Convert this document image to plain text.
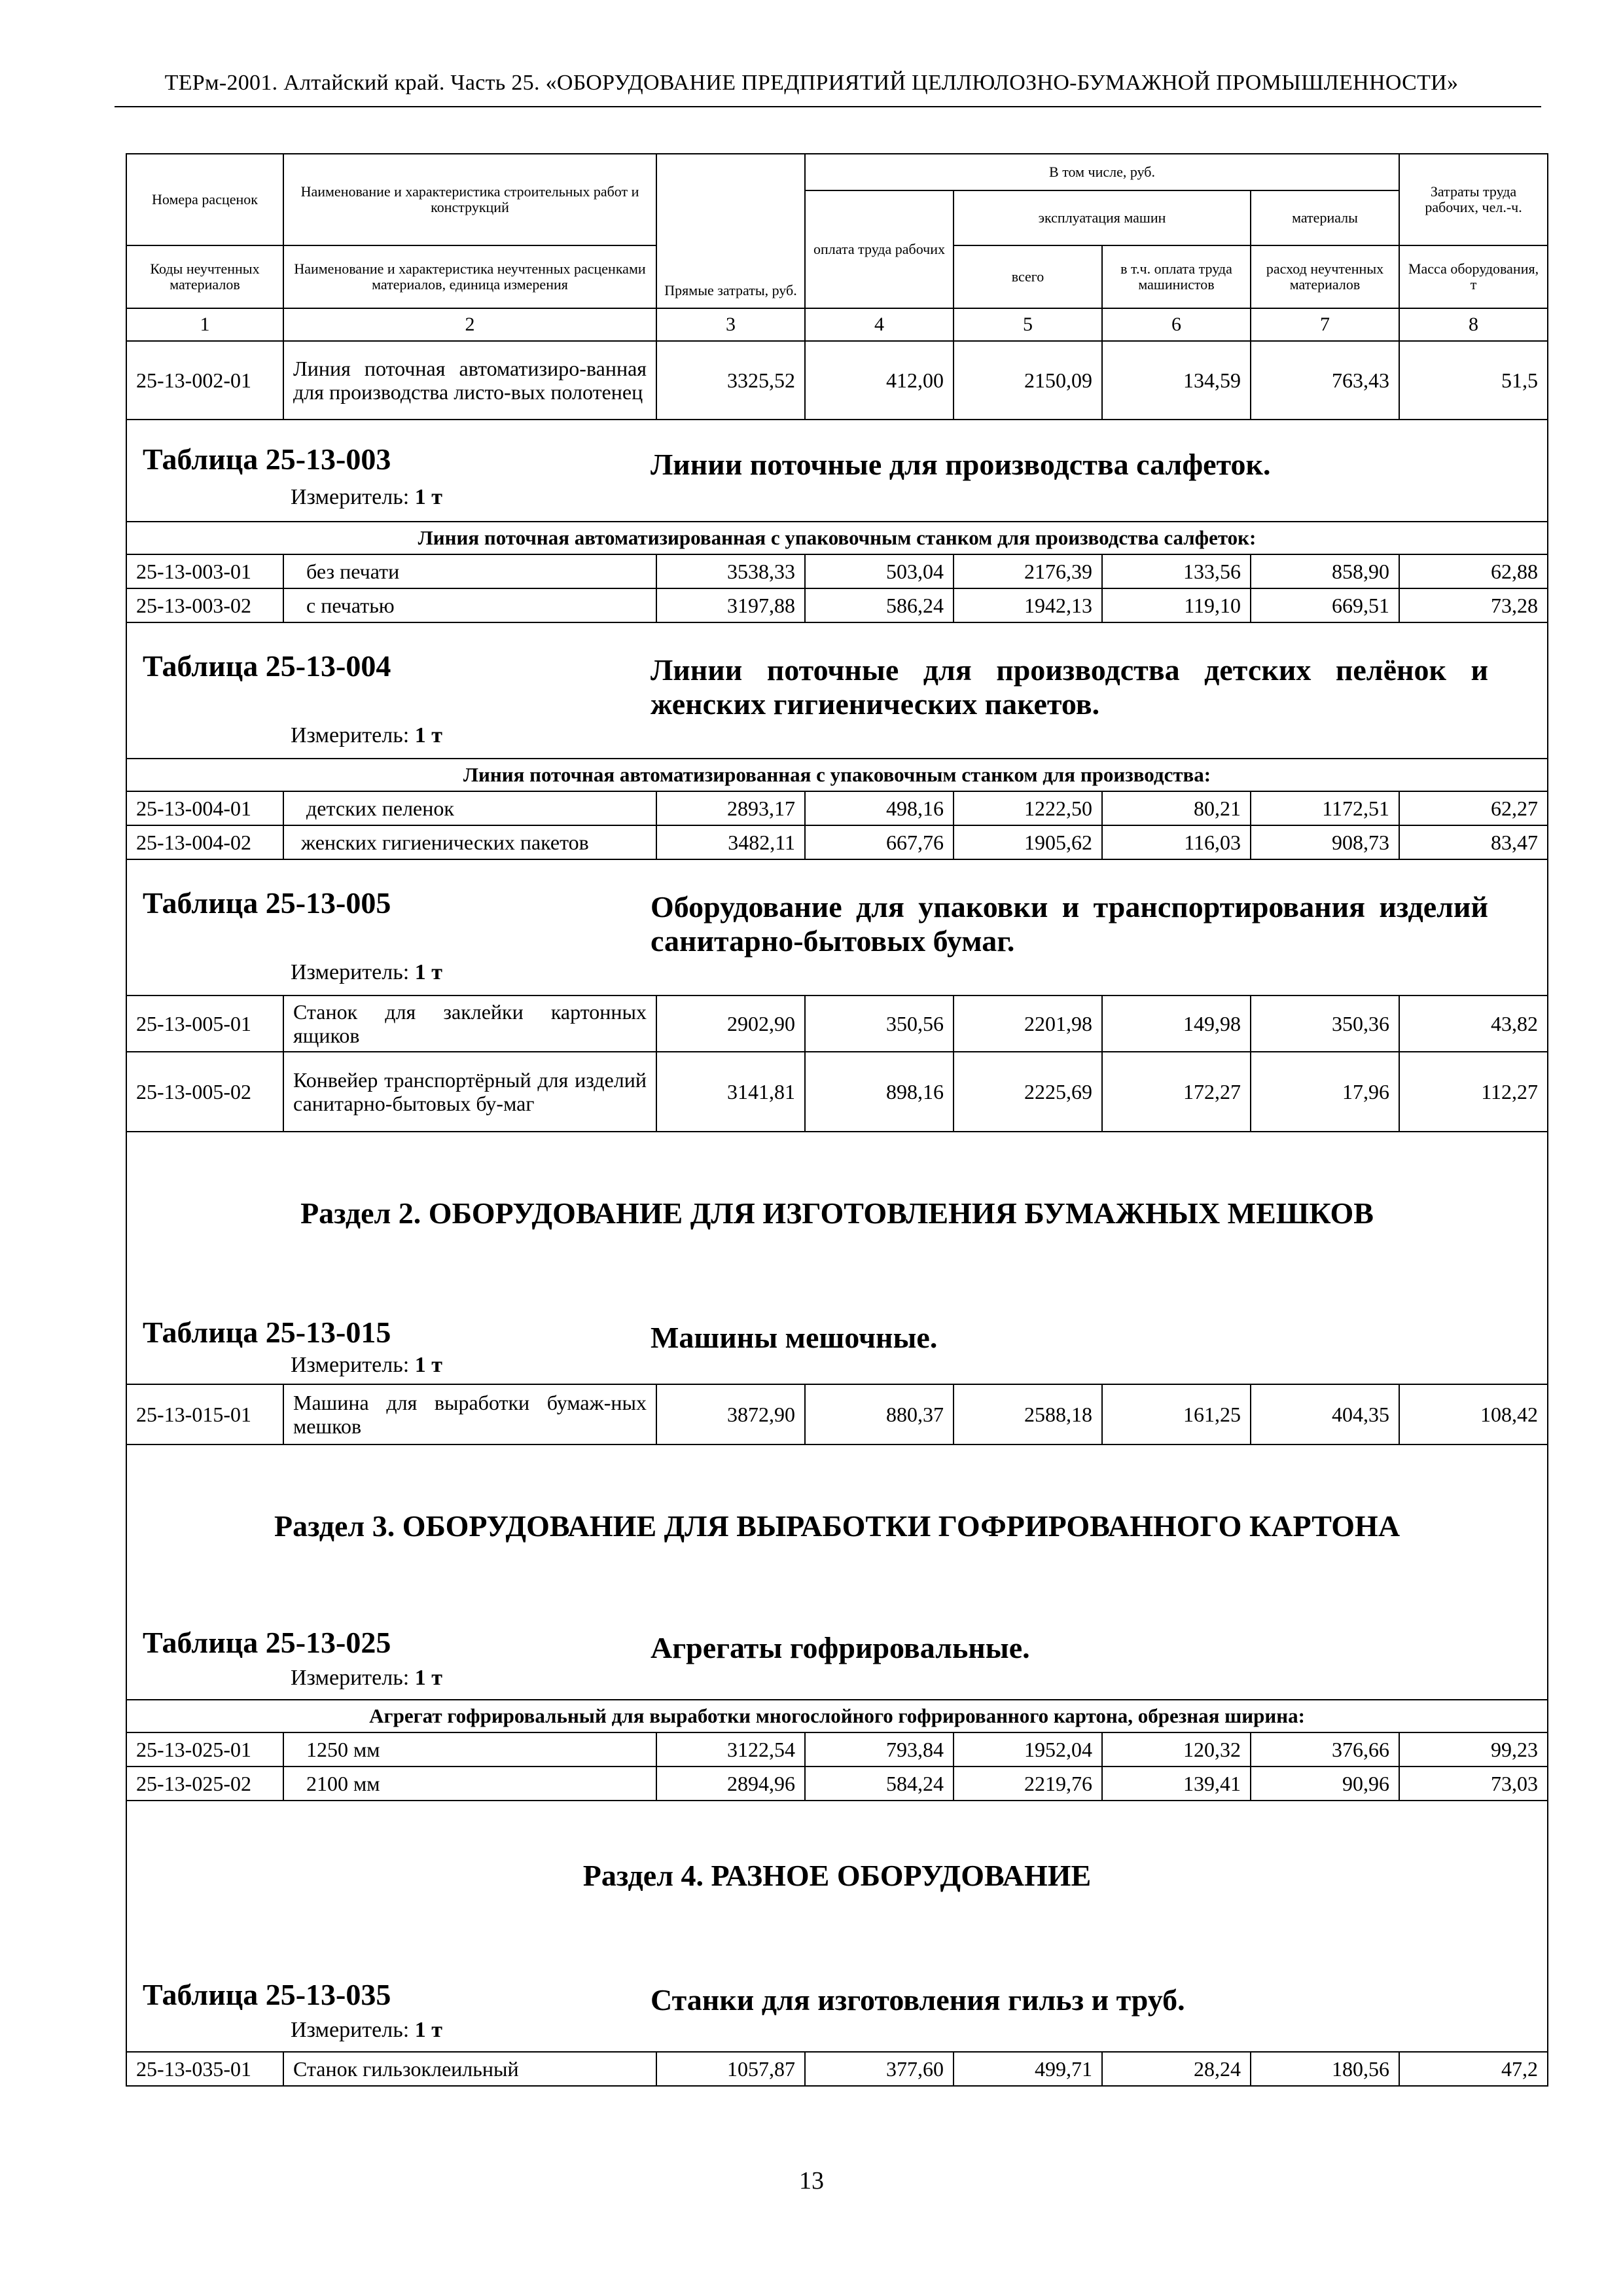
ТЕРм-2001. Алтайский край. Часть 25. «ОБОРУДОВАНИЕ ПРЕДПРИЯТИЙ ЦЕЛЛЮЛОЗНО-БУМАЖНОЙ ПРОМЫШЛЕННОСТИ»
Номера расценок	Наименование и характеристика строительных работ и конструкций	Прямые затраты, руб.	В том числе, руб.				Затраты труда рабочих, чел.-ч.
			оплата труда рабочих	эксплуатация машин		материалы	
Коды неучтенных материалов	Наименование и характеристика неучтенных расценками материалов, единица измерения			всего	в т.ч. оплата труда машинистов	расход неучтенных материалов	Масса оборудования, т
1	2	3	4	5	6	7	8
25-13-002-01	Линия поточная автоматизиро-ванная для производства листо-вых полотенец	3325,52	412,00	2150,09	134,59	763,43	51,5

Таблица 25-13-003 Линии поточные для производства салфеток.
Измеритель: 1 т							

Линия поточная автоматизированная с упаковочным станком для производства салфеток:							
25-13-003-01	без печати	3538,33	503,04	2176,39	133,56	858,90	62,88
25-13-003-02	с печатью	3197,88	586,24	1942,13	119,10	669,51	73,28

Таблица 25-13-004 Линии поточные для производства детских пелёнок и женских гигиенических пакетов.
Измеритель: 1 т							

Линия поточная автоматизированная с упаковочным станком для производства:							
25-13-004-01	детских пеленок	2893,17	498,16	1222,50	80,21	1172,51	62,27
25-13-004-02	женских гигиенических пакетов	3482,11	667,76	1905,62	116,03	908,73	83,47

Таблица 25-13-005 Оборудование для упаковки и транспортирования изделий санитарно-бытовых бумаг.
Измеритель: 1 т							

25-13-005-01	Станок для заклейки картонных ящиков	2902,90	350,56	2201,98	149,98	350,36	43,82
25-13-005-02	Конвейер транспортёрный для изделий санитарно-бытовых бу-маг	3141,81	898,16	2225,69	172,27	17,96	112,27

Раздел 2. ОБОРУДОВАНИЕ ДЛЯ ИЗГОТОВЛЕНИЯ БУМАЖНЫХ МЕШКОВ
Таблица 25-13-015 Машины мешочные.
Измеритель: 1 т							

25-13-015-01	Машина для выработки бумаж-ных мешков	3872,90	880,37	2588,18	161,25	404,35	108,42

Раздел 3. ОБОРУДОВАНИЕ ДЛЯ ВЫРАБОТКИ ГОФРИРОВАННОГО КАРТОНА
Таблица 25-13-025 Агрегаты гофрировальные.
Измеритель: 1 т							

Агрегат гофрировальный для выработки многослойного гофрированного картона, обрезная ширина:							
25-13-025-01	1250 мм	3122,54	793,84	1952,04	120,32	376,66	99,23
25-13-025-02	2100 мм	2894,96	584,24	2219,76	139,41	90,96	73,03

Раздел 4. РАЗНОЕ ОБОРУДОВАНИЕ
Таблица 25-13-035 Станки для изготовления гильз и труб.
Измеритель: 1 т							

25-13-035-01	Станок гильзоклеильный	1057,87	377,60	499,71	28,24	180,56	47,2
13
